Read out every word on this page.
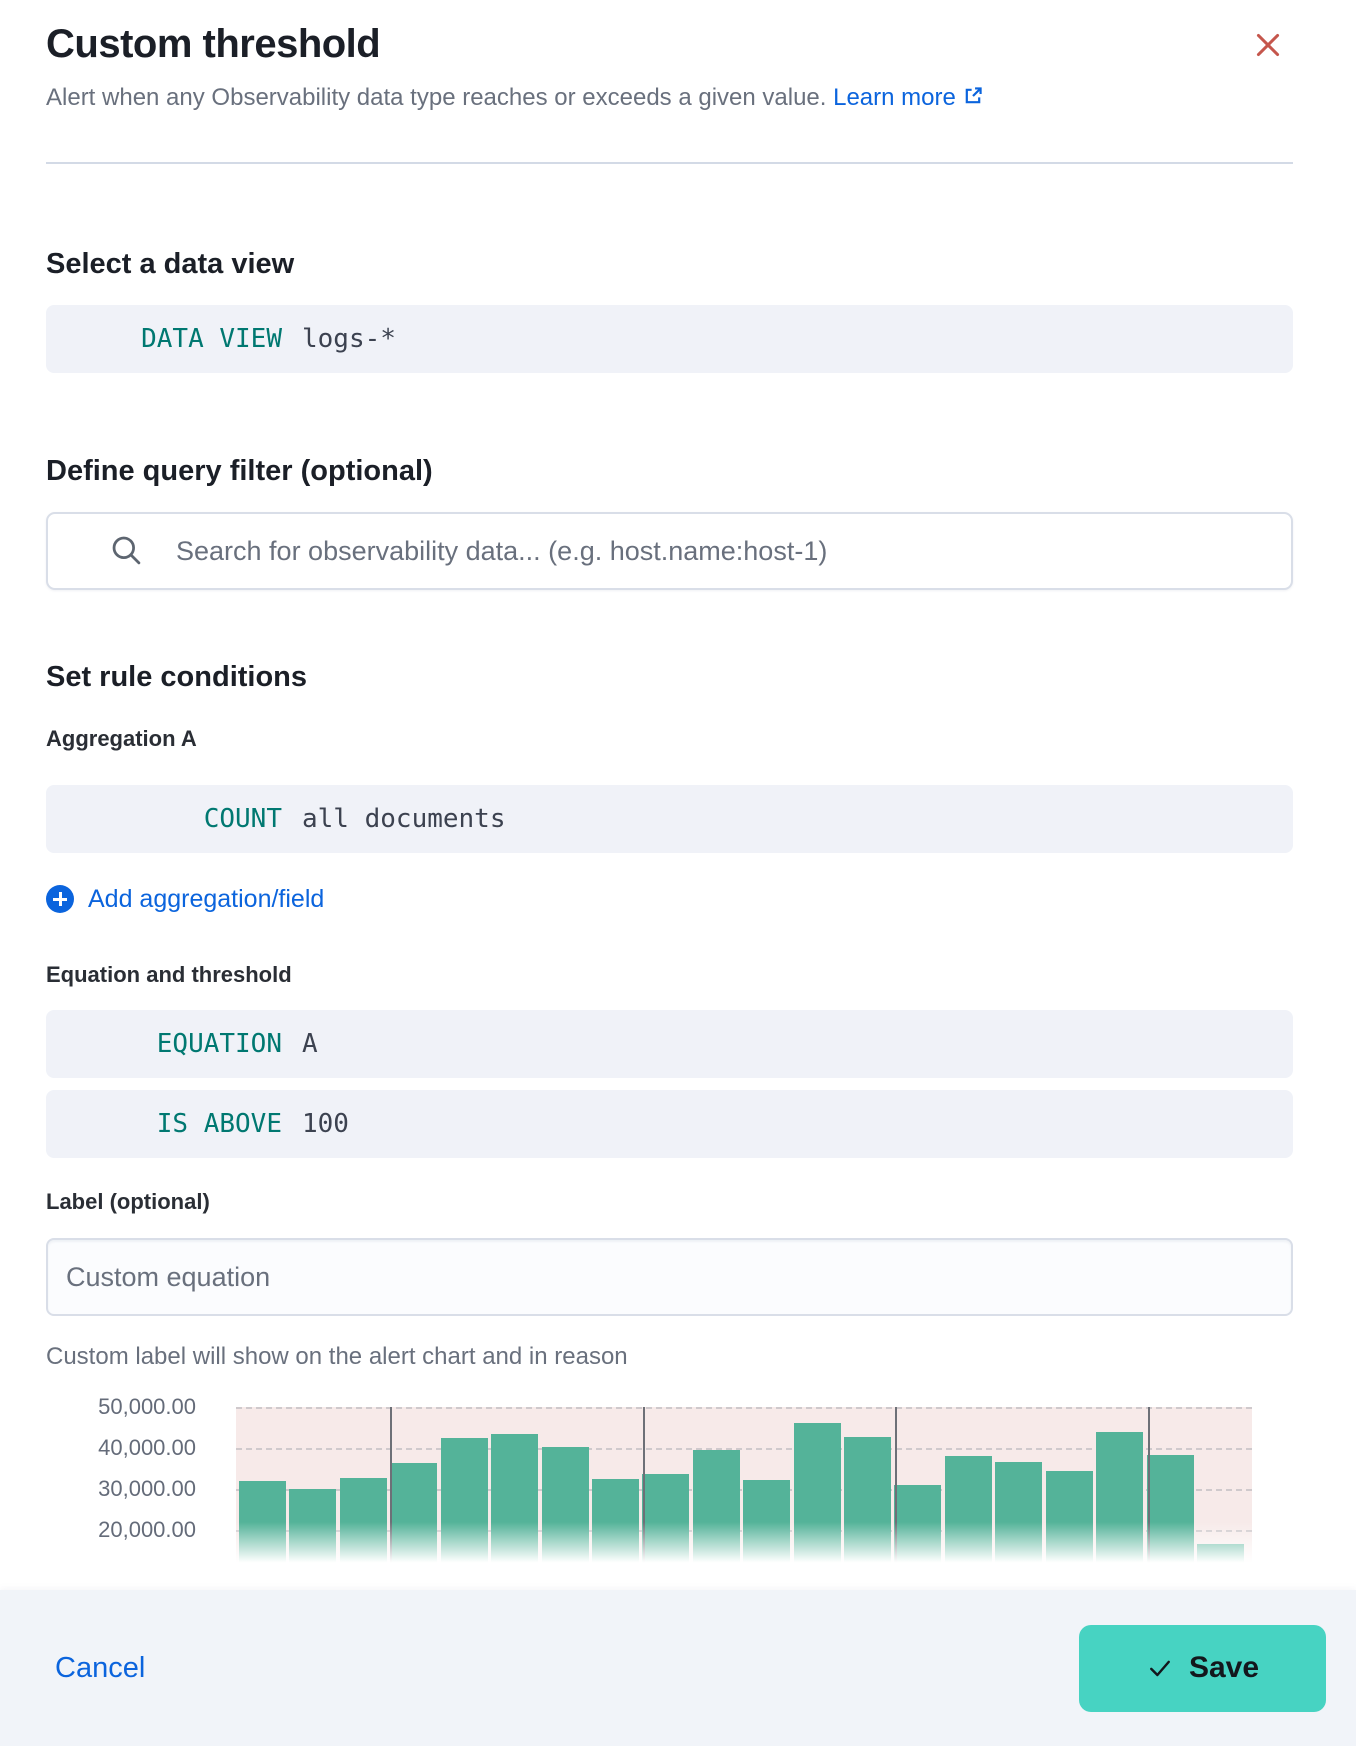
Custom threshold

Alert when any Observability data type reaches or exceeds a given value. Learn more

Select a data view
DATA VIEW logs-*
Define query filter (optional)
Search for observability data... (e.g. host.name:host-1)
Set rule conditions
Aggregation A
COUNT all documents
Add aggregation/field
Equation and threshold
EQUATION A
IS ABOVE 100
Label (optional)
Custom equation
Custom label will show on the alert chart and in reason
50,000.00
40,000.00
30,000.00
20,000.00
Cancel	Save
